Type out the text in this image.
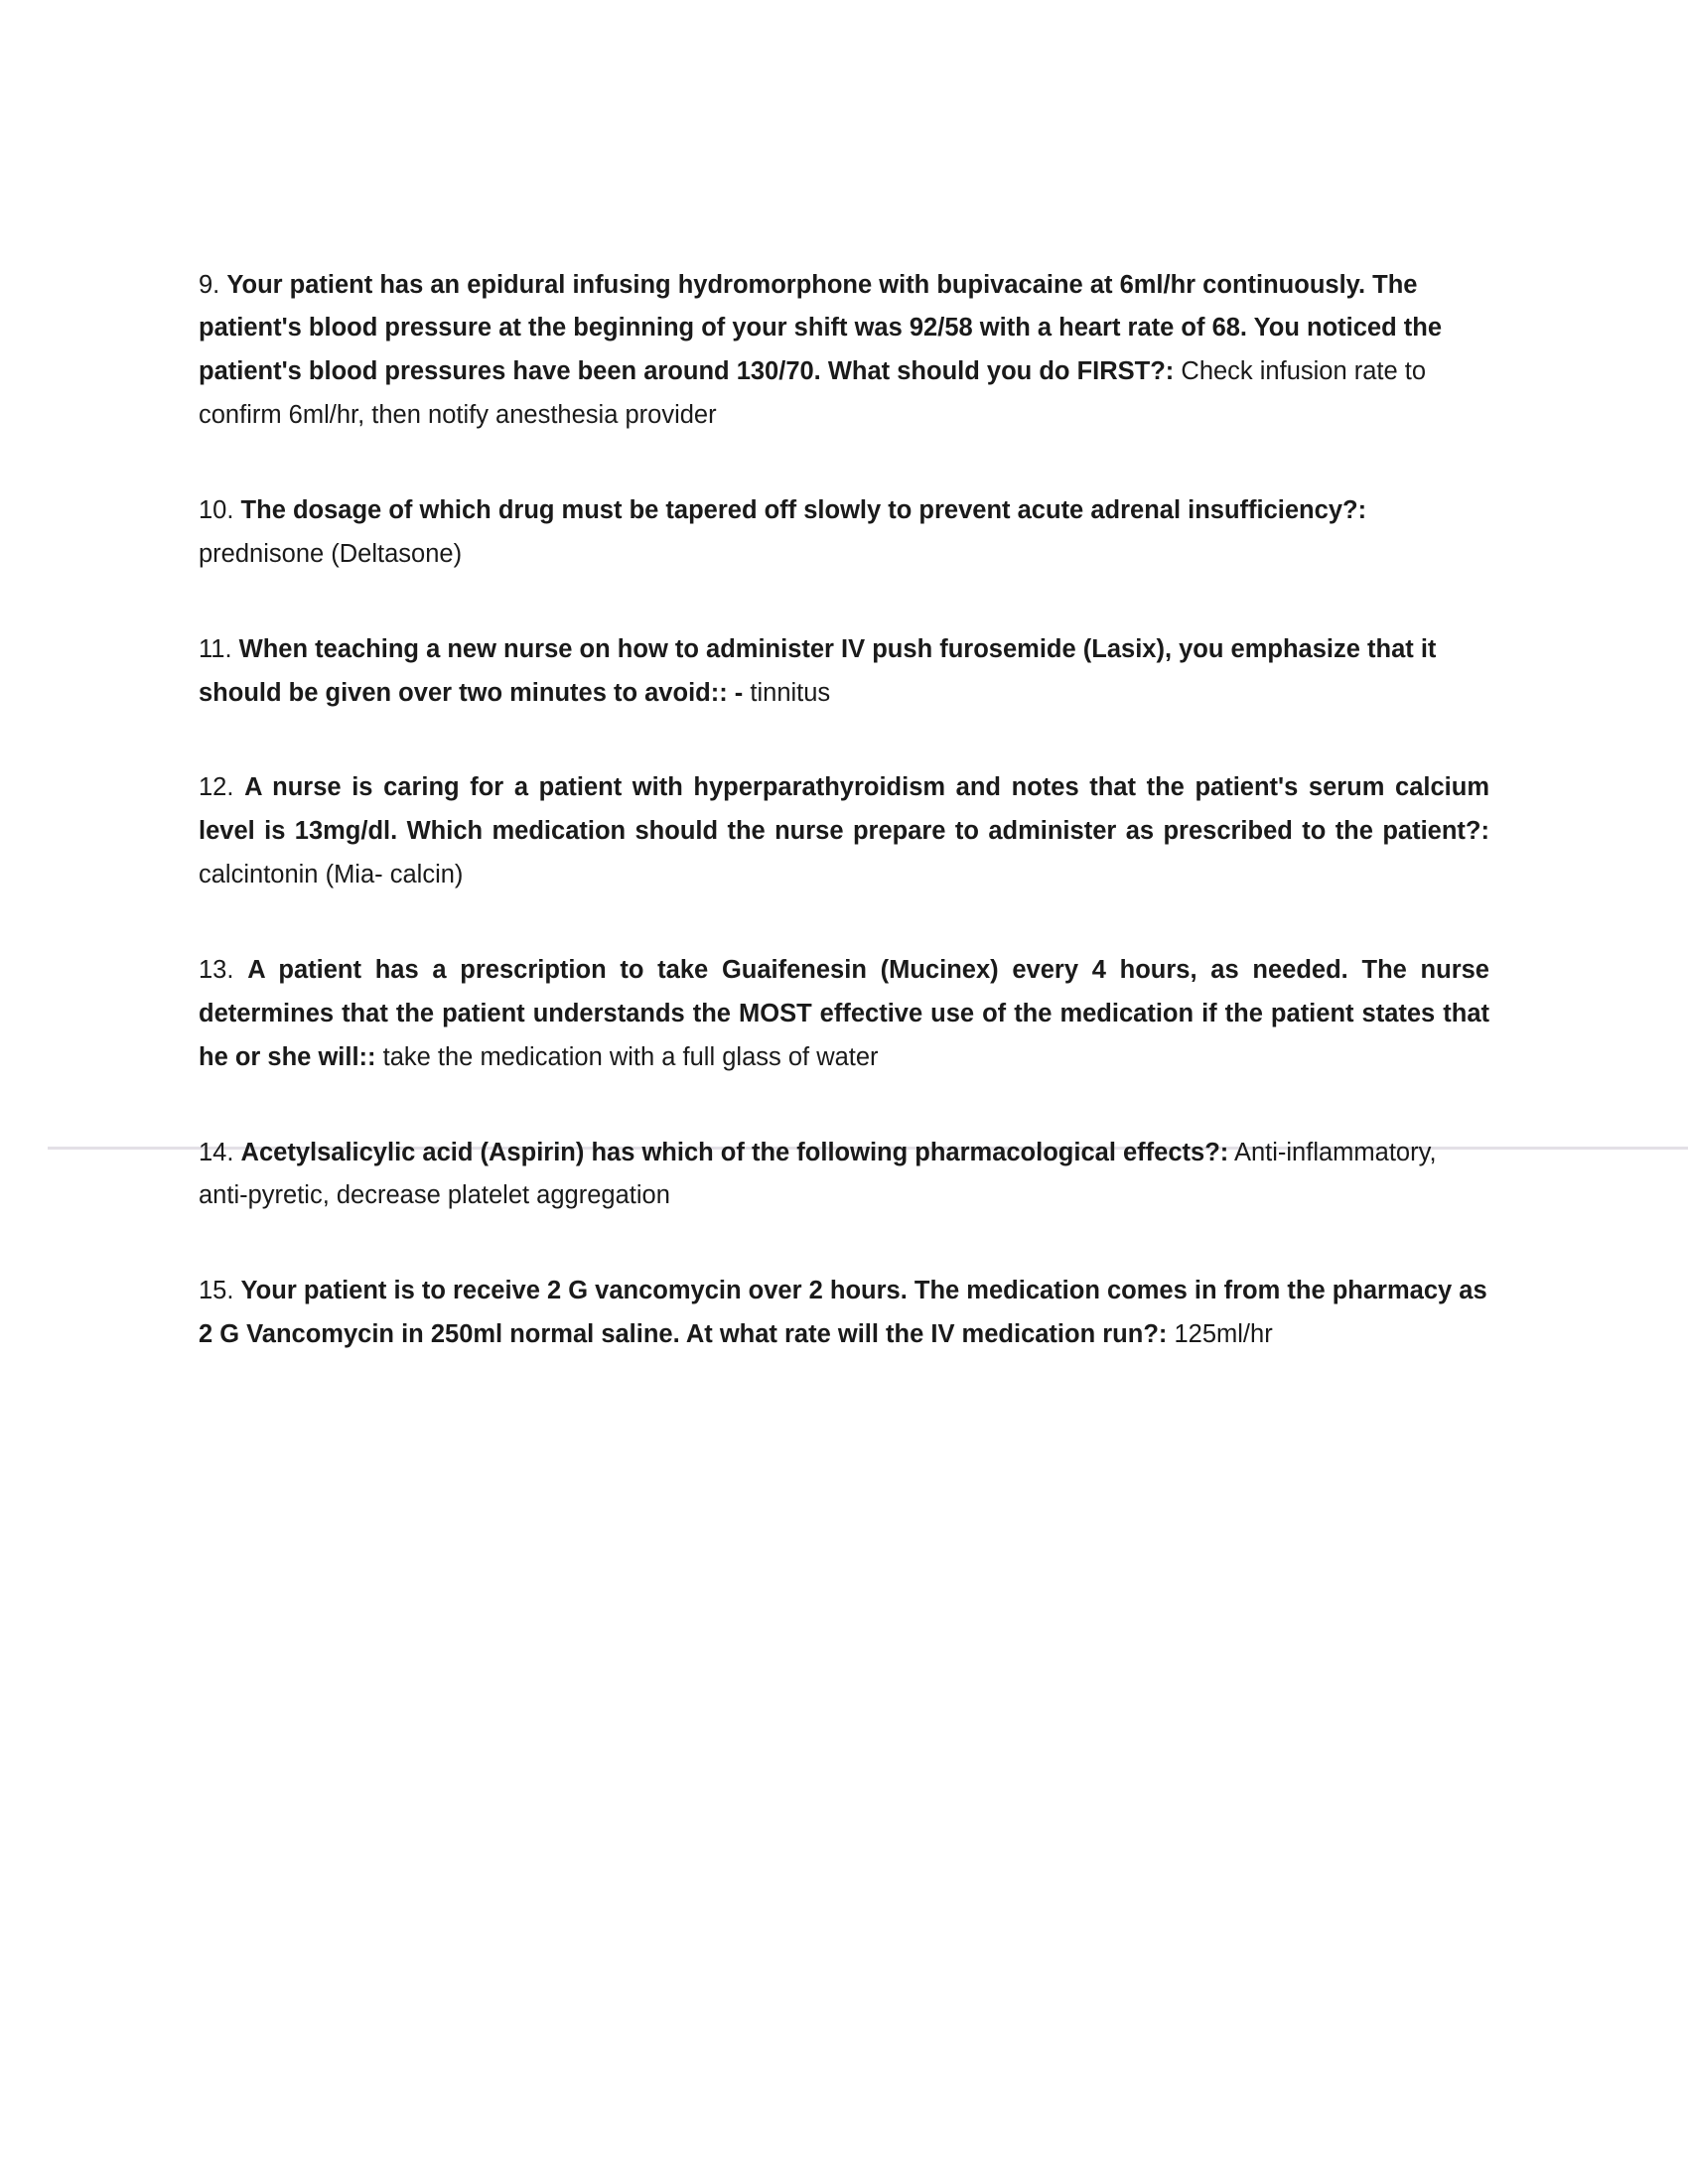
9. Your patient has an epidural infusing hydromorphone with bupivacaine at 6ml/hr continuously. The patient's blood pressure at the beginning of your shift was 92/58 with a heart rate of 68. You noticed the patient's blood pressures have been around 130/70. What should you do FIRST?: Check infusion rate to confirm 6ml/hr, then notify anesthesia provider

10. The dosage of which drug must be tapered off slowly to prevent acute adrenal insufficiency?: prednisone (Deltasone)

11. When teaching a new nurse on how to administer IV push furosemide (Lasix), you emphasize that it should be given over two minutes to avoid:: - tinnitus

12. A nurse is caring for a patient with hyperparathyroidism and notes that the patient's serum calcium level is 13mg/dl. Which medication should the nurse prepare to administer as prescribed to the patient?: calcintonin (Mia- calcin)

13. A patient has a prescription to take Guaifenesin (Mucinex) every 4 hours, as needed. The nurse determines that the patient understands the MOST effective use of the medication if the patient states that he or she will:: take the medication with a full glass of water

14. Acetylsalicylic acid (Aspirin) has which of the following pharmacological effects?: Anti-inflammatory, anti-pyretic, decrease platelet aggregation

15. Your patient is to receive 2 G vancomycin over 2 hours. The medication comes in from the pharmacy as 2 G Vancomycin in 250ml normal saline. At what rate will the IV medication run?: 125ml/hr
